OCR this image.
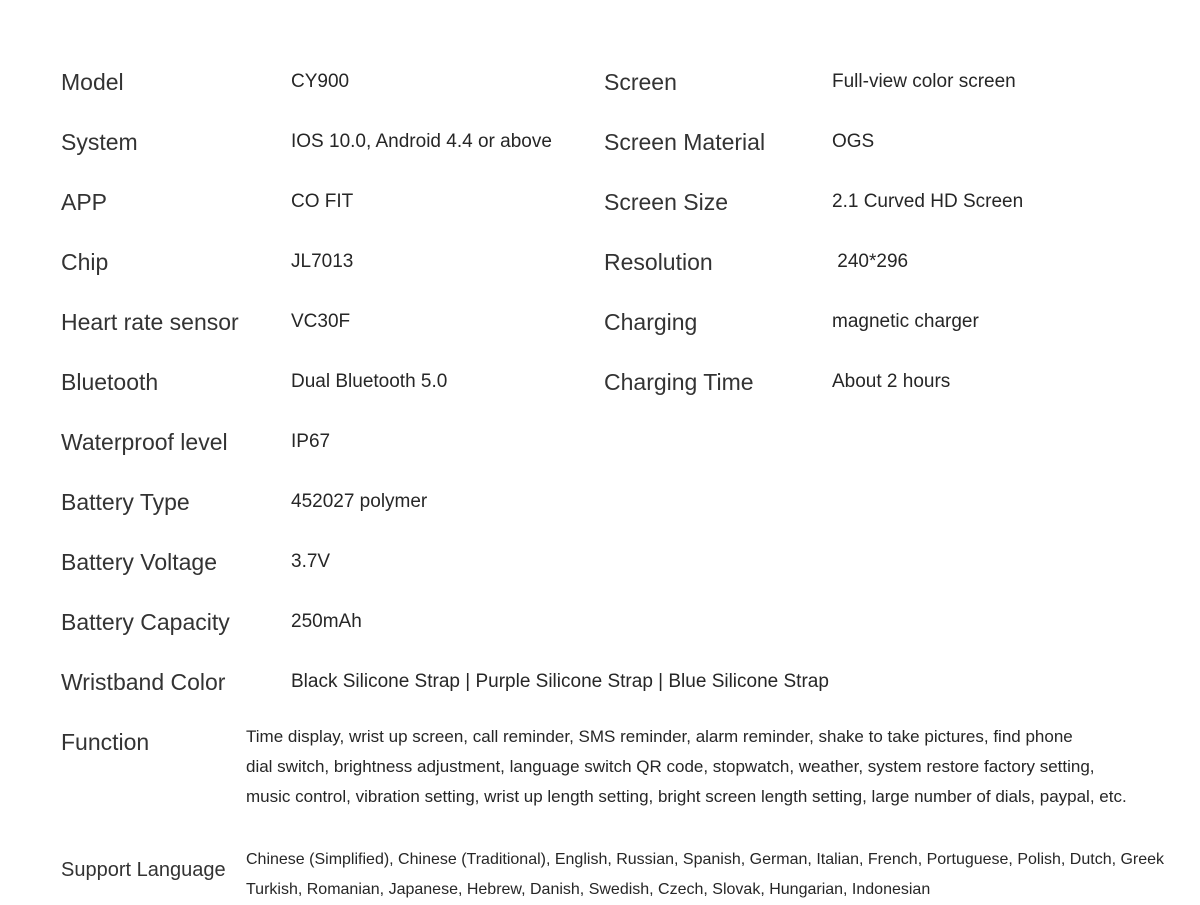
Model	CY900
System	IOS 10.0, Android 4.4 or above
APP	CO FIT
Chip	JL7013
Heart rate sensor	VC30F
Bluetooth	Dual Bluetooth 5.0
Waterproof level	IP67
Battery Type	452027 polymer
Battery Voltage	3.7V
Battery Capacity	250mAh
Wristband Color	Black Silicone Strap | Purple Silicone Strap | Blue Silicone Strap
Screen	Full-view color screen
Screen Material	OGS
Screen Size	2.1 Curved HD Screen
Resolution	240*296
Charging	magnetic charger
Charging Time	About 2 hours
Function	Time display, wrist up screen, call reminder, SMS reminder, alarm reminder, shake to take pictures, find phone
dial switch, brightness adjustment, language switch QR code, stopwatch, weather, system restore factory setting,
music control, vibration setting, wrist up length setting, bright screen length setting, large number of dials, paypal, etc.
Support Language Chinese (Simplified), Chinese (Traditional), English, Russian, Spanish, German, Italian, French, Portuguese, Polish, Dutch, Greek
Turkish, Romanian, Japanese, Hebrew, Danish, Swedish, Czech, Slovak, Hungarian, Indonesian
